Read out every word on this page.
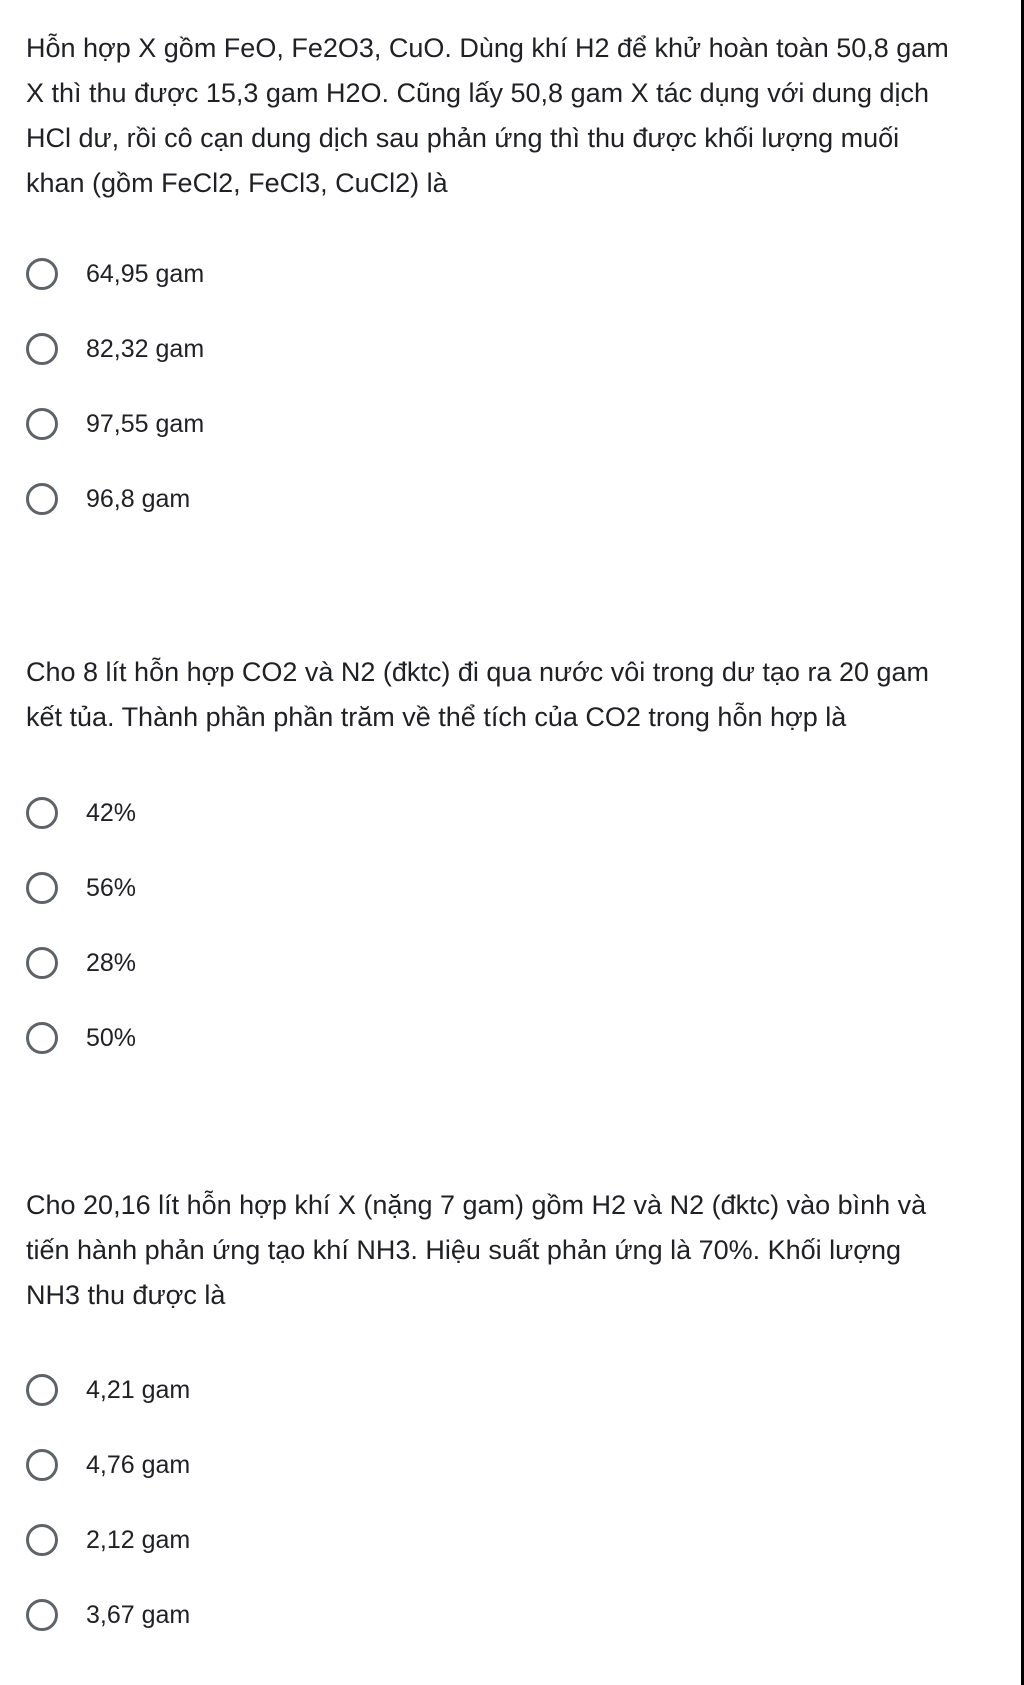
Hỗn hợp X gồm FeO, Fe2O3, CuO. Dùng khí H2 để khử hoàn toàn 50,8 gam
X thì thu được 15,3 gam H2O. Cũng lấy 50,8 gam X tác dụng với dung dịch
HCl dư, rồi cô cạn dung dịch sau phản ứng thì thu được khối lượng muối
khan (gồm FeCl2, FeCl3, CuCl2) là
64,95 gam
82,32 gam
97,55 gam
96,8 gam
Cho 8 lít hỗn hợp CO2 và N2 (đktc) đi qua nước vôi trong dư tạo ra 20 gam
kết tủa. Thành phần phần trăm về thể tích của CO2 trong hỗn hợp là
42%
56%
28%
50%
Cho 20,16 lít hỗn hợp khí X (nặng 7 gam) gồm H2 và N2 (đktc) vào bình và
tiến hành phản ứng tạo khí NH3. Hiệu suất phản ứng là 70%. Khối lượng
NH3 thu được là
4,21 gam
4,76 gam
2,12 gam
3,67 gam
